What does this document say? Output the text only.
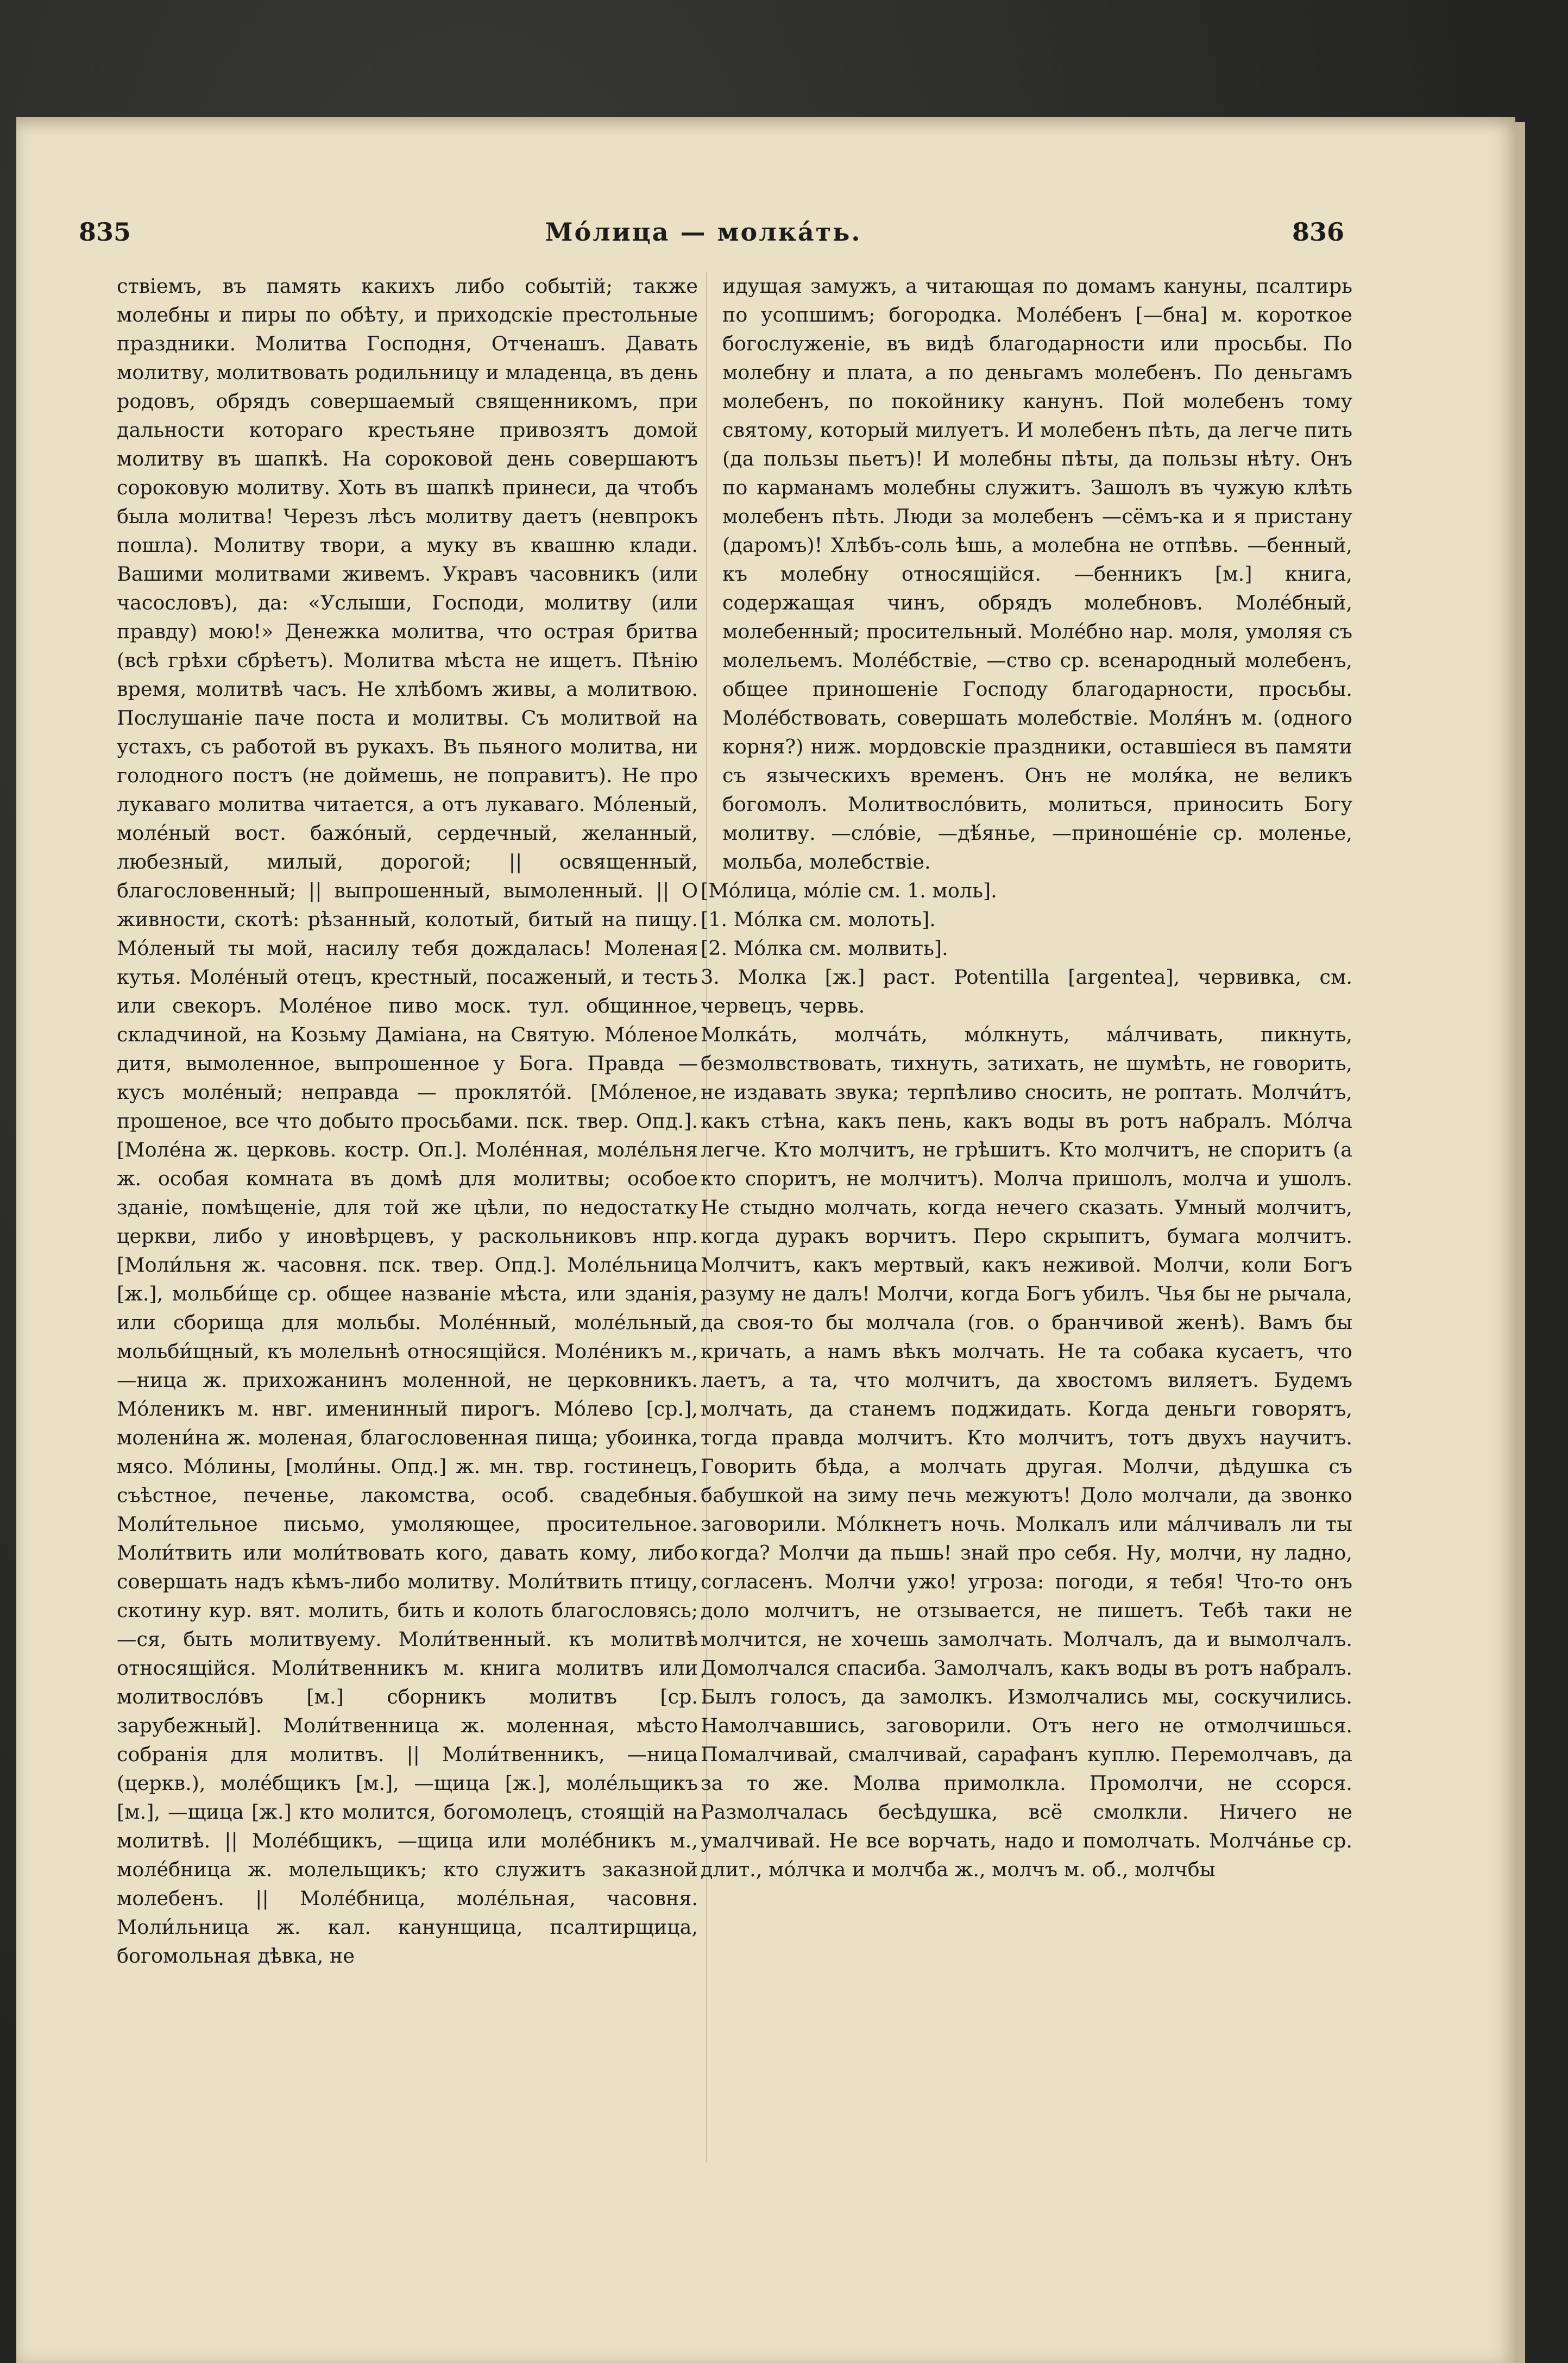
835	Мо́лица — молка́ть.	836

ствіемъ, въ память какихъ либо событій; также молебны и пиры по обѣту, и приходскіе престольные праздники. Молитва Господня, Отченашъ. Давать молитву, молитвовать родильницу и младенца, въ день родовъ, обрядъ совершаемый священникомъ, при дальности котораго крестьяне привозятъ домой молитву въ шапкѣ. На сороковой день совершаютъ сороковую молитву. Хоть въ шапкѣ принеси, да чтобъ была молитва! Черезъ лѣсъ молитву даетъ (невпрокъ пошла). Молитву твори, а муку въ квашню клади. Вашими молитвами живемъ. Укравъ часовникъ (или часословъ), да: «Услыши, Господи, молитву (или правду) мою!» Денежка молитва, что острая бритва (всѣ грѣхи сбрѣетъ). Молитва мѣста не ищетъ. Пѣнію время, молитвѣ часъ. Не хлѣбомъ живы, а молитвою. Послушаніе паче поста и молитвы. Съ молитвой на устахъ, съ работой въ рукахъ. Въ пьяного молитва, ни голодного постъ (не доймешь, не поправитъ). Не про лукаваго молитва читается, а отъ лукаваго. Мо́леный, моле́ный вост. бажо́ный, сердечный, желанный, любезный, милый, дорогой; || освященный, благословенный; || выпрошенный, вымоленный. || О живности, скотѣ: рѣзанный, колотый, битый на пищу. Мо́леный ты мой, насилу тебя дождалась! Моленая кутья. Моле́ный отецъ, крестный, посаженый, и тесть или свекоръ. Моле́ное пиво моск. тул. общинное, складчиной, на Козьму Даміана, на Святую. Мо́леное дитя, вымоленное, выпрошенное у Бога. Правда — кусъ моле́ный; неправда — проклято́й. [Мо́леное, прошеное, все что добыто просьбами. пск. твер. Опд.]. [Моле́на ж. церковь. костр. Оп.]. Моле́нная, моле́льня ж. особая комната въ домѣ для молитвы; особое зданіе, помѣщеніе, для той же цѣли, по недостатку церкви, либо у иновѣрцевъ, у раскольниковъ нпр. [Моли́льня ж. часовня. пск. твер. Опд.]. Моле́льница [ж.], мольби́ще ср. общее названіе мѣста, или зданія, или сборища для мольбы. Моле́нный, моле́льный, мольби́щный, къ молельнѣ относящійся. Моле́никъ м., —ница ж. прихожанинъ моленной, не церковникъ. Мо́леникъ м. нвг. именинный пирогъ. Мо́лево [ср.], молени́на ж. моленая, благословенная пища; убоинка, мясо. Мо́лины, [моли́ны. Опд.] ж. мн. твр. гостинецъ, съѣстное, печенье, лакомства, особ. свадебныя. Моли́тельное письмо, умоляющее, просительное. Моли́твить или моли́твовать кого, давать кому, либо совершать надъ кѣмъ-либо молитву. Моли́твить птицу, скотину кур. вят. молить, бить и колоть благословясь; —ся, быть молитвуему. Моли́твенный. къ молитвѣ относящійся. Моли́твенникъ м. книга молитвъ или молитвосло́въ [м.] сборникъ молитвъ [ср. зарубежный]. Моли́твенница ж. моленная, мѣсто собранія для молитвъ. || Моли́твенникъ, —ница (церкв.), моле́бщикъ [м.], —щица [ж.], моле́льщикъ [м.], —щица [ж.] кто молится, богомолецъ, стоящій на молитвѣ. || Моле́бщикъ, —щица или моле́бникъ м., моле́бница ж. молельщикъ; кто служитъ заказной молебенъ. || Моле́бница, моле́льная, часовня. Моли́льница ж. кал. канунщица, псалтирщица, богомольная дѣвка, не

идущая замужъ, а читающая по домамъ кануны, псалтирь по усопшимъ; богородка. Моле́бенъ [—бна] м. короткое богослуженіе, въ видѣ благодарности или просьбы. По молебну и плата, а по деньгамъ молебенъ. По деньгамъ молебенъ, по покойнику канунъ. Пой молебенъ тому святому, который милуетъ. И молебенъ пѣть, да легче пить (да пользы пьетъ)! И молебны пѣты, да пользы нѣту. Онъ по карманамъ молебны служитъ. Зашолъ въ чужую клѣть молебенъ пѣть. Люди за молебенъ —сёмъ-ка и я пристану (даромъ)! Хлѣбъ-соль ѣшь, а молебна не отпѣвь. —бенный, къ молебну относящійся. —бенникъ [м.] книга, содержащая чинъ, обрядъ молебновъ. Моле́бный, молебенный; просительный. Моле́бно нар. моля, умоляя съ молельемъ. Моле́бствіе, —ство ср. всенародный молебенъ, общее приношеніе Господу благодарности, просьбы. Моле́бствовать, совершать молебствіе. Моля́нъ м. (одного корня?) ниж. мордовскіе праздники, оставшіеся въ памяти съ языческихъ временъ. Онъ не моля́ка, не великъ богомолъ. Молитвосло́вить, молиться, приносить Богу молитву. —сло́віе, —дѣ́янье, —приноше́ніе ср. моленье, мольба, молебствіе.

[Мо́лица, мо́ліе см. 1. моль].

[1. Мо́лка см. молоть].

[2. Мо́лка см. молвить].

3. Молка [ж.] раст. Potentilla [argentea], червивка, см. червецъ, червь.

Молка́ть, молча́ть, мо́лкнуть, ма́лчивать, пикнуть, безмолвствовать, тихнуть, затихать, не шумѣть, не говорить, не издавать звука; терпѣливо сносить, не роптать. Молчи́тъ, какъ стѣна, какъ пень, какъ воды въ ротъ набралъ. Мо́лча легче. Кто молчитъ, не грѣшитъ. Кто молчитъ, не споритъ (а кто споритъ, не молчитъ). Молча пришолъ, молча и ушолъ. Не стыдно молчать, когда нечего сказать. Умный молчитъ, когда дуракъ ворчитъ. Перо скрыпитъ, бумага молчитъ. Молчитъ, какъ мертвый, какъ неживой. Молчи, коли Богъ разуму не далъ! Молчи, когда Богъ убилъ. Чья бы не рычала, да своя-то бы молчала (гов. о бранчивой женѣ). Вамъ бы кричать, а намъ вѣкъ молчать. Не та собака кусаетъ, что лаетъ, а та, что молчитъ, да хвостомъ виляетъ. Будемъ молчать, да станемъ поджидать. Когда деньги говорятъ, тогда правда молчитъ. Кто молчитъ, тотъ двухъ научитъ. Говорить бѣда, а молчать другая. Молчи, дѣдушка съ бабушкой на зиму печь межуютъ! Доло молчали, да звонко заговорили. Мо́лкнетъ ночь. Молкалъ или ма́лчивалъ ли ты когда? Молчи да пьшь! знай про себя. Ну, молчи, ну ладно, согласенъ. Молчи ужо! угроза: погоди, я тебя! Что-то онъ доло молчитъ, не отзывается, не пишетъ. Тебѣ таки не молчится, не хочешь замолчать. Молчалъ, да и вымолчалъ. Домолчался спасиба. Замолчалъ, какъ воды въ ротъ набралъ. Былъ голосъ, да замолкъ. Измолчались мы, соскучились. Намолчавшись, заговорили. Отъ него не отмолчишься. Помалчивай, смалчивай, сарафанъ куплю. Перемолчавъ, да за то же. Молва примолкла. Промолчи, не ссорся. Размолчалась бесѣдушка, всё смолкли. Ничего не умалчивай. Не все ворчать, надо и помолчать. Молча́нье ср. длит., мо́лчка и молчба ж., молчъ м. об., молчбы
